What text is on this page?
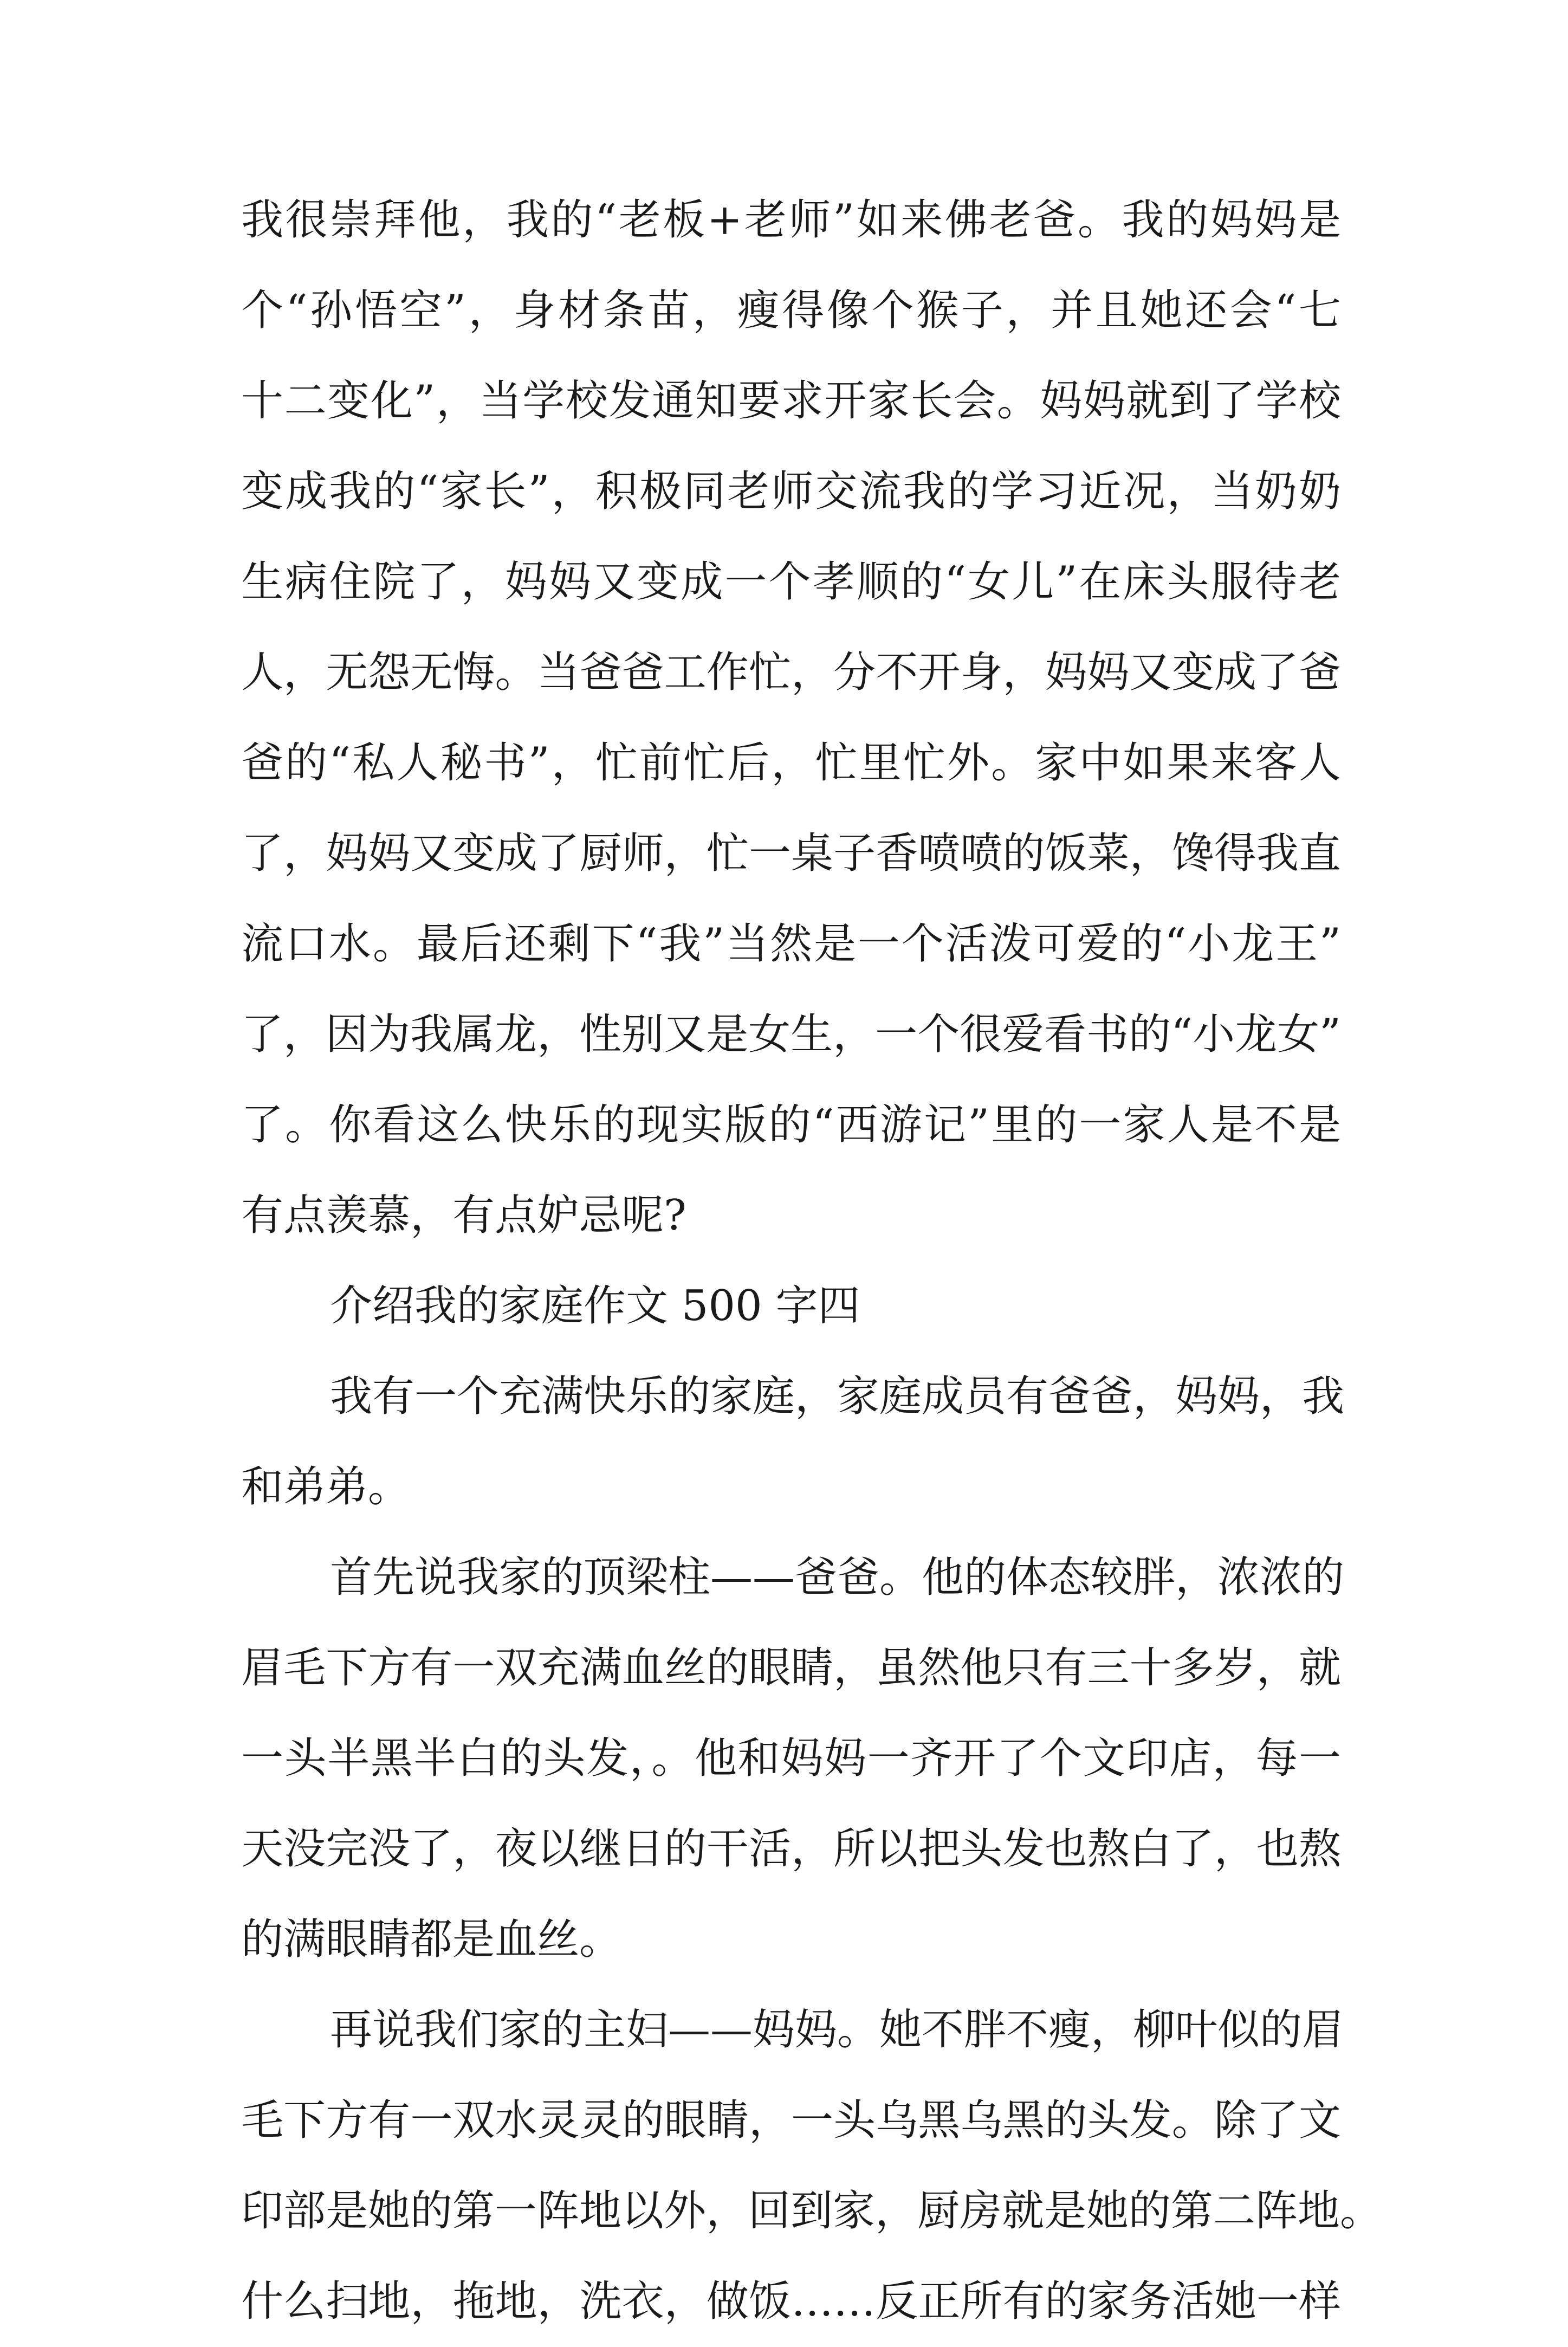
我很崇拜他，我的“老板+老师”如来佛老爸。我的妈妈是
个“孙悟空”，身材条苗，瘦得像个猴子，并且她还会“七
十二变化”，当学校发通知要求开家长会。妈妈就到了学校
变成我的“家长”，积极同老师交流我的学习近况，当奶奶
生病住院了，妈妈又变成一个孝顺的“女儿”在床头服待老
人，无怨无悔。当爸爸工作忙，分不开身，妈妈又变成了爸
爸的“私人秘书”，忙前忙后，忙里忙外。家中如果来客人
了，妈妈又变成了厨师，忙一桌子香喷喷的饭菜，馋得我直
流口水。最后还剩下“我”当然是一个活泼可爱的“小龙王”
了，因为我属龙，性别又是女生，一个很爱看书的“小龙女”
了。你看这么快乐的现实版的“西游记”里的一家人是不是
有点羡慕，有点妒忌呢?
介绍我的家庭作文 500 字四
我有一个充满快乐的家庭，家庭成员有爸爸，妈妈，我
和弟弟。
首先说我家的顶梁柱——爸爸。他的体态较胖，浓浓的
眉毛下方有一双充满血丝的眼睛，虽然他只有三十多岁，就
一头半黑半白的头发，。他和妈妈一齐开了个文印店，每一
天没完没了，夜以继日的干活，所以把头发也熬白了，也熬
的满眼睛都是血丝。
再说我们家的主妇——妈妈。她不胖不瘦，柳叶似的眉
毛下方有一双水灵灵的眼睛，一头乌黑乌黑的头发。除了文
印部是她的第一阵地以外，回到家，厨房就是她的第二阵地。
什么扫地，拖地，洗衣，做饭……反正所有的家务活她一样
